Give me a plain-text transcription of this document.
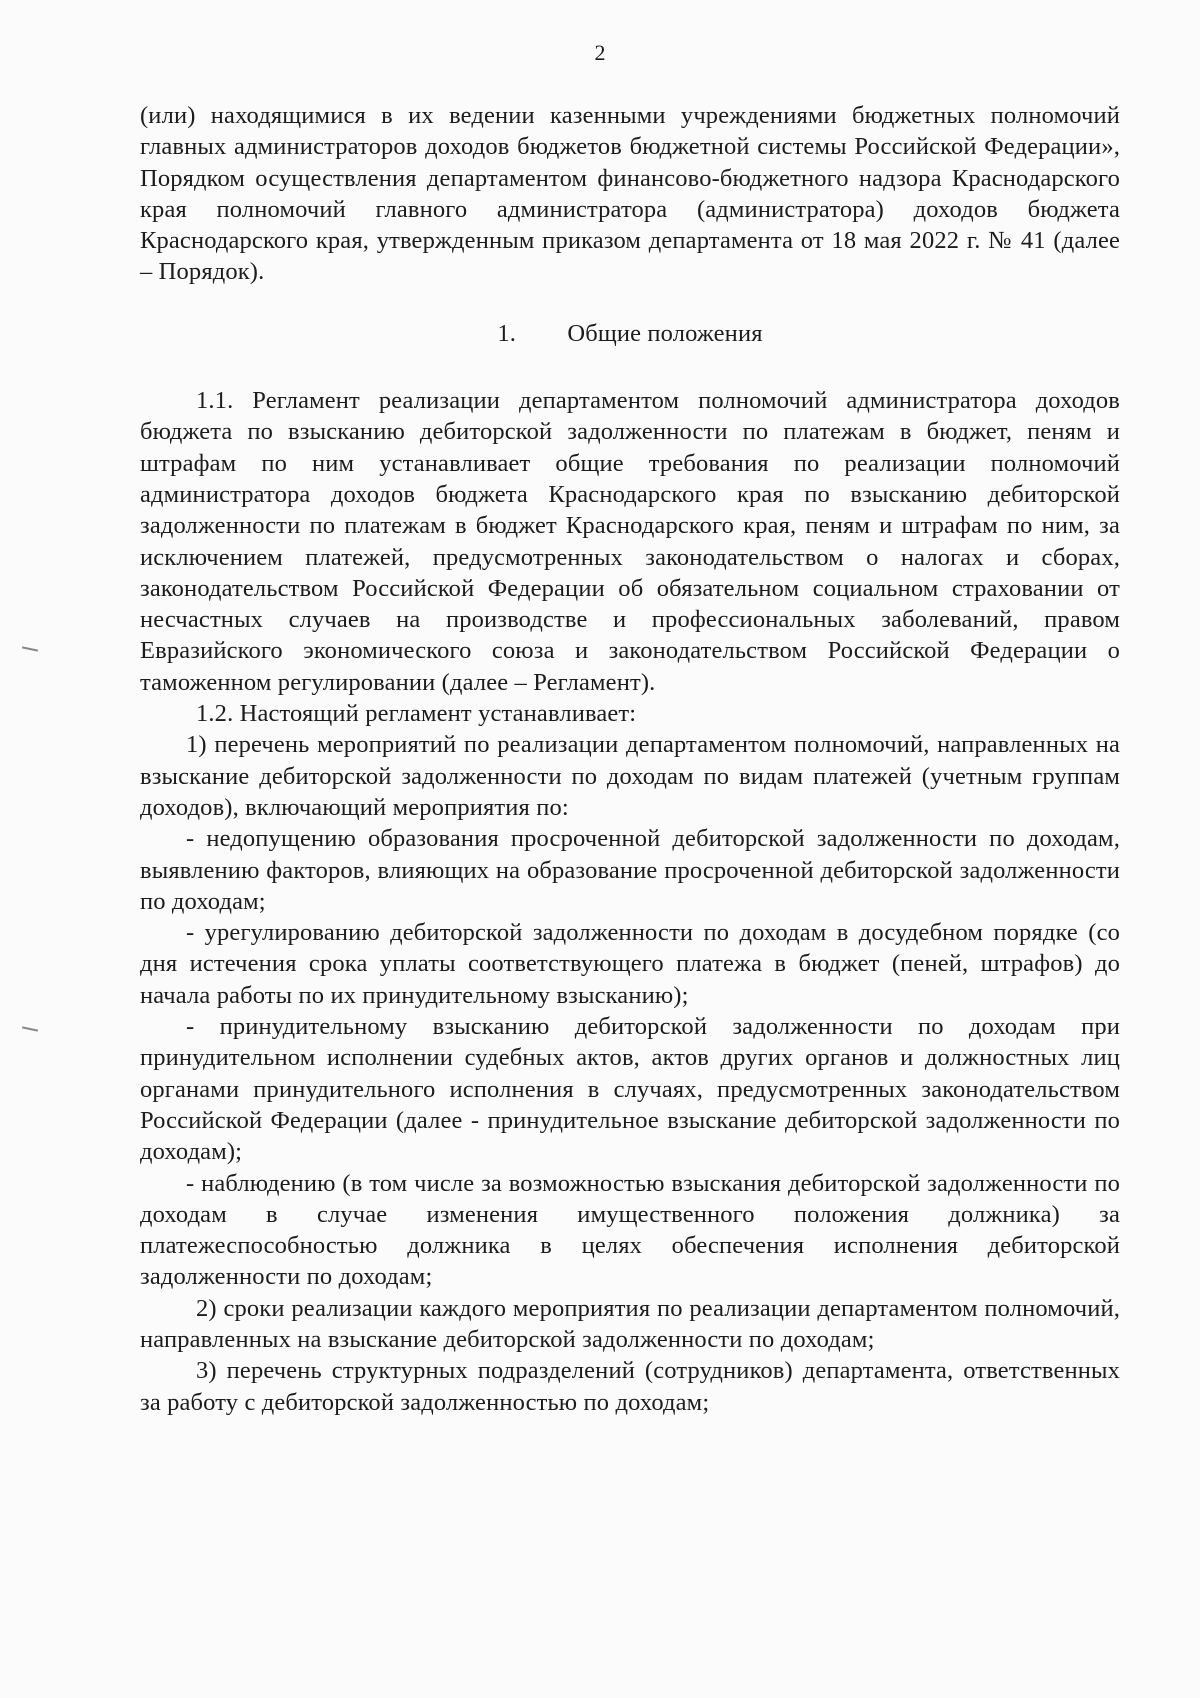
2

(или) находящимися в их ведении казенными учреждениями бюджетных полномочий главных администраторов доходов бюджетов бюджетной системы Российской Федерации», Порядком осуществления департаментом финансово-бюджетного надзора Краснодарского края полномочий главного администратора (администратора) доходов бюджета Краснодарского края, утвержденным приказом департамента от 18 мая 2022 г. № 41 (далее – Порядок).

1. Общие положения

1.1. Регламент реализации департаментом полномочий администратора доходов бюджета по взысканию дебиторской задолженности по платежам в бюджет, пеням и штрафам по ним устанавливает общие требования по реализации полномочий администратора доходов бюджета Краснодарского края по взысканию дебиторской задолженности по платежам в бюджет Краснодарского края, пеням и штрафам по ним, за исключением платежей, предусмотренных законодательством о налогах и сборах, законодательством Российской Федерации об обязательном социальном страховании от несчастных случаев на производстве и профессиональных заболеваний, правом Евразийского экономического союза и законодательством Российской Федерации о таможенном регулировании (далее – Регламент).

1.2. Настоящий регламент устанавливает:

1) перечень мероприятий по реализации департаментом полномочий, направленных на взыскание дебиторской задолженности по доходам по видам платежей (учетным группам доходов), включающий мероприятия по:

- недопущению образования просроченной дебиторской задолженности по доходам, выявлению факторов, влияющих на образование просроченной дебиторской задолженности по доходам;

- урегулированию дебиторской задолженности по доходам в досудебном порядке (со дня истечения срока уплаты соответствующего платежа в бюджет (пеней, штрафов) до начала работы по их принудительному взысканию);

- принудительному взысканию дебиторской задолженности по доходам при принудительном исполнении судебных актов, актов других органов и должностных лиц органами принудительного исполнения в случаях, предусмотренных законодательством Российской Федерации (далее - принудительное взыскание дебиторской задолженности по доходам);

- наблюдению (в том числе за возможностью взыскания дебиторской задолженности по доходам в случае изменения имущественного положения должника) за платежеспособностью должника в целях обеспечения исполнения дебиторской задолженности по доходам;

2) сроки реализации каждого мероприятия по реализации департаментом полномочий, направленных на взыскание дебиторской задолженности по доходам;

3) перечень структурных подразделений (сотрудников) департамента, ответственных за работу с дебиторской задолженностью по доходам;
